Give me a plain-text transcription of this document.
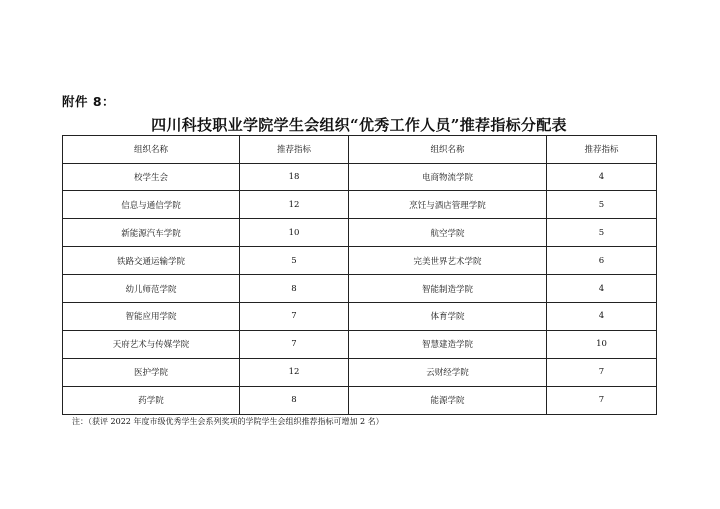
附件 8：
四川科技职业学院学生会组织“优秀工作人员”推荐指标分配表
组织名称	推荐指标	组织名称	推荐指标
校学生会	18	电商物流学院	4
信息与通信学院	12	烹饪与酒店管理学院	5
新能源汽车学院	10	航空学院	5
铁路交通运输学院	5	完美世界艺术学院	6
幼儿师范学院	8	智能制造学院	4
智能应用学院	7	体育学院	4
天府艺术与传媒学院	7	智慧建造学院	10
医护学院	12	云财经学院	7
药学院	8	能源学院	7
注：（获评 2022 年度市级优秀学生会系列奖项的学院学生会组织推荐指标可增加 2 名）
